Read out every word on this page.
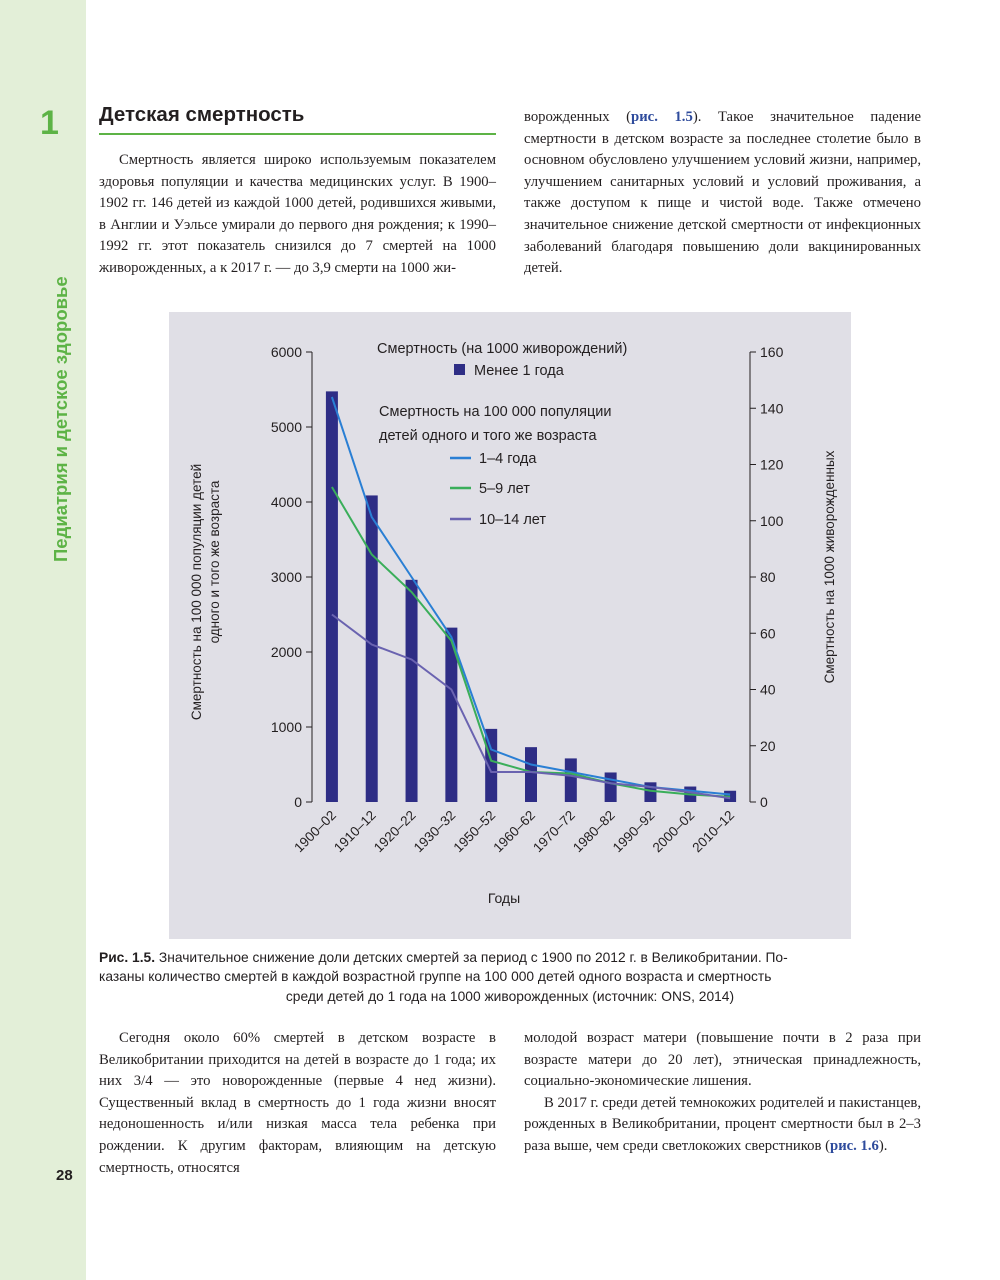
1

Педиатрия и детское здоровье
28
Детская смертность

Смертность является широко используемым показателем здоровья популяции и качества медицинских услуг. В 1900–1902 гг. 146 детей из каждой 1000 детей, родившихся живыми, в Англии и Уэльсе умирали до первого дня рождения; к 1990–1992 гг. этот показатель снизился до 7 смертей на 1000 живорожденных, а к 2017 г. — до 3,9 смерти на 1000 жи-

ворожденных (рис. 1.5). Такое значительное падение смертности в детском возрасте за последнее столетие было в основном обусловлено улучшением условий жизни, например, улучшением санитарных условий и условий проживания, а также доступом к пище и чистой воде. Также отмечено значительное снижение детской смертности от инфекционных заболеваний благодаря повышению доли вакцинированных детей.

0
1000
2000
3000
4000
5000
6000
0
20
40
60
80
100
120
140
160
1900–02
1910–12
1920–22
1930–32
1950–52
1960–62
1970–72
1980–82
1990–92
2000–02
2010–12
Смертность (на 1000 живорождений)
Менее 1 года
Смертность на 100 000 популяции
детей одного и того же возраста
1–4 года
5–9 лет
10–14 лет
Годы
Смертность на 100 000 популяции детей одного и того же возраста	Смертность на 1000 живорожденных
Рис. 1.5. Значительное снижение доли детских смертей за период с 1900 по 2012 г. в Великобритании. По-
казаны количество смертей в каждой возрастной группе на 100 000 детей одного возраста и смертность
среди детей до 1 года на 1000 живорожденных (источник: ONS, 2014)

Сегодня около 60% смертей в детском возрасте в Великобритании приходится на детей в возрасте до 1 года; их них 3/4 — это новорожденные (первые 4 нед жизни). Существенный вклад в смертность до 1 года жизни вносят недоношенность и/или низкая масса тела ребенка при рождении. К другим факторам, влияющим на детскую смертность, относятся

молодой возраст матери (повышение почти в 2 раза при возрасте матери до 20 лет), этническая принадлежность, социально-экономические лишения.

В 2017 г. среди детей темнокожих родителей и пакистанцев, рожденных в Великобритании, процент смертности был в 2–3 раза выше, чем среди светлокожих сверстников (рис. 1.6).
